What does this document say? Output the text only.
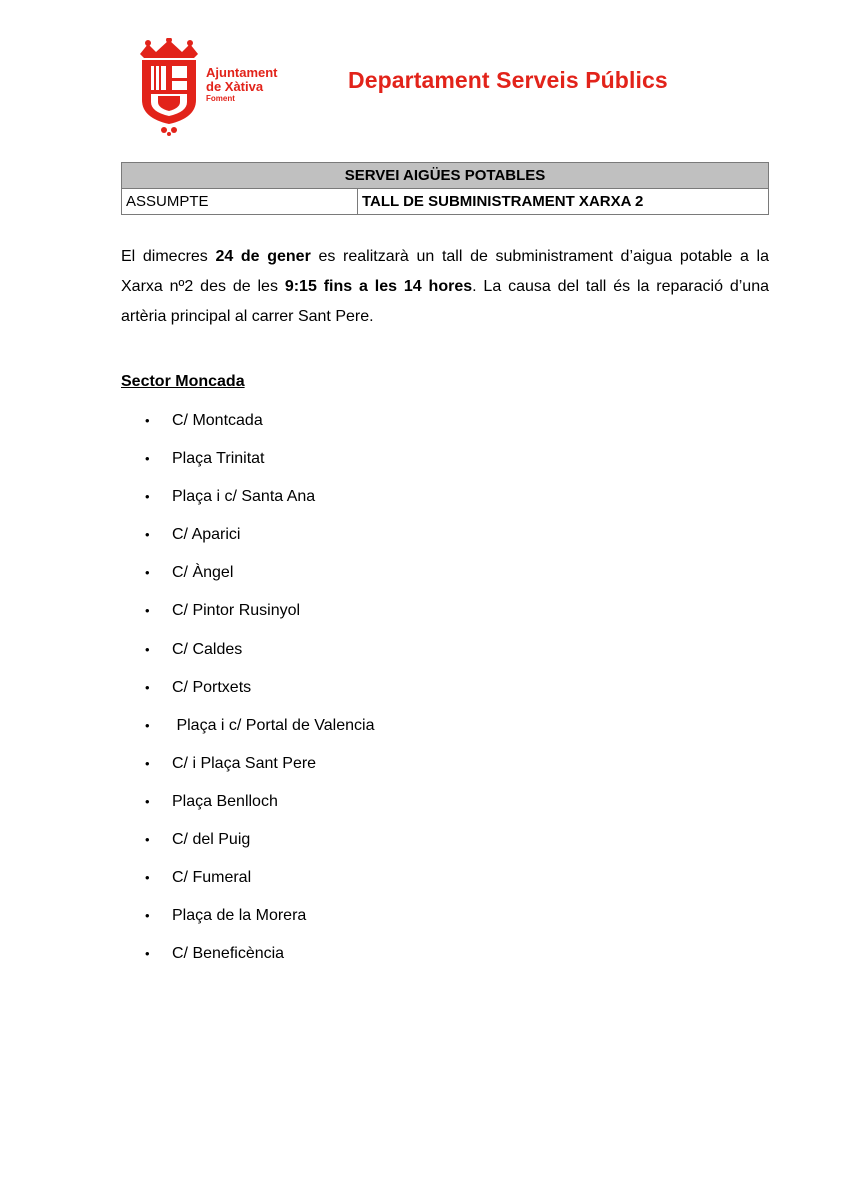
Ajuntament
de Xàtiva
Foment
Departament Serveis Públics
SERVEI AIGÜES POTABLES
ASSUMPTE	TALL DE SUBMINISTRAMENT XARXA 2

El dimecres 24 de gener es realitzarà un tall de subministrament d’aigua potable a la Xarxa nº2 des de les 9:15 fins a les 14 hores. La causa del tall és la reparació d’una artèria principal al carrer Sant Pere.

Sector Moncada
• C/ Montcada
• Plaça Trinitat
• Plaça i c/ Santa Ana
• C/ Aparici
• C/ Àngel
• C/ Pintor Rusinyol
• C/ Caldes
• C/ Portxets
• Plaça i c/ Portal de Valencia
• C/ i Plaça Sant Pere
• Plaça Benlloch
• C/ del Puig
• C/ Fumeral
• Plaça de la Morera
• C/ Beneficència
